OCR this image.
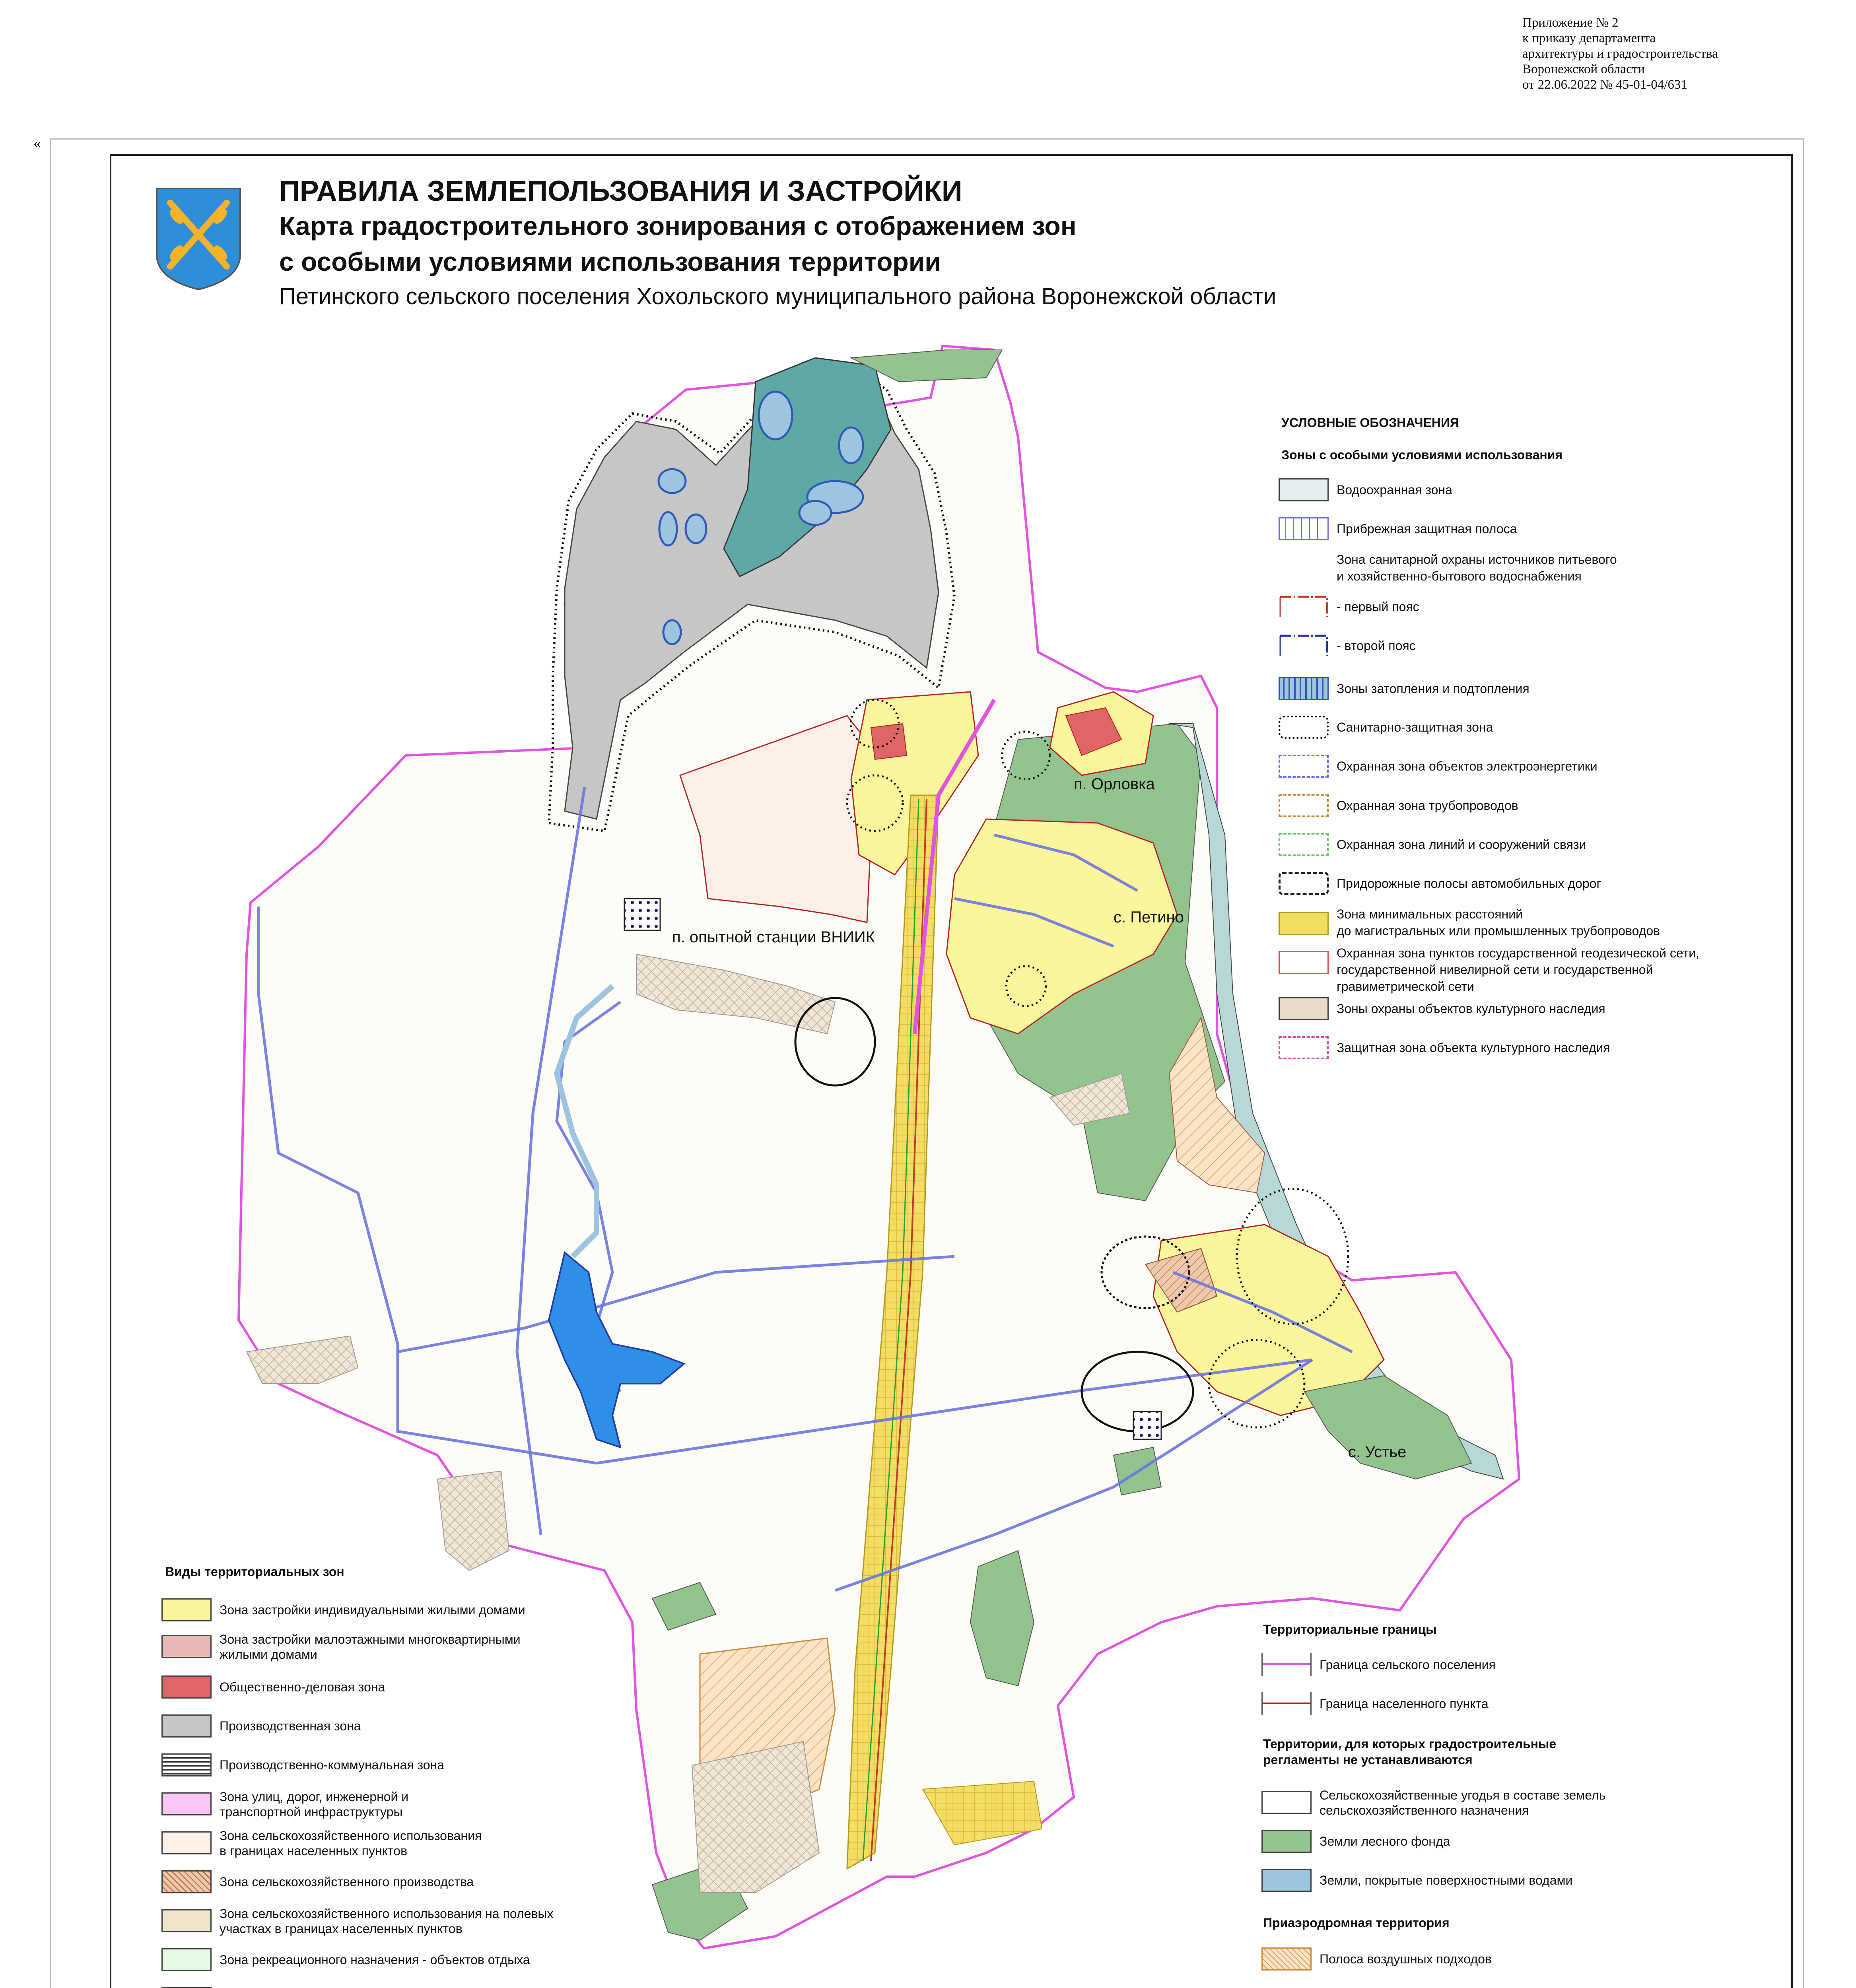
Приложение № 2
к приказу департамента
архитектуры и градостроительства
Воронежской области
от 22.06.2022 № 45-01-04/631
«
п. Орловка
с. Петино
п. опытной станции ВНИИК
с. Устье
ПРАВИЛА ЗЕМЛЕПОЛЬЗОВАНИЯ И ЗАСТРОЙКИ
Карта градостроительного зонирования с отображением зон
с особыми условиями использования территории
Петинского сельского поселения Хохольского муниципального района Воронежской области
УСЛОВНЫЕ ОБОЗНАЧЕНИЯ
Зоны с особыми условиями использования
Водоохранная зона
Прибрежная защитная полоса
Зона санитарной охраны источников питьевого
и хозяйственно-бытового водоснабжения
- первый пояс
- второй пояс
Зоны затопления и подтопления
Санитарно-защитная зона
Охранная зона объектов электроэнергетики
Охранная зона трубопроводов
Охранная зона линий и сооружений связи
Придорожные полосы автомобильных дорог
Зона минимальных расстояний
до магистральных или промышленных трубопроводов
Охранная зона пунктов государственной геодезической сети,
государственной нивелирной сети и государственной
гравиметрической сети
Зоны охраны объектов культурного наследия
Защитная зона объекта культурного наследия
Виды территориальных зон
Зона застройки индивидуальными жилыми домами
Зона застройки малоэтажными многоквартирными
жилыми домами
Общественно-деловая зона
Производственная зона
Производственно-коммунальная зона
Зона улиц, дорог, инженерной и
транспортной инфраструктуры
Зона сельскохозяйственного использования
в границах населенных пунктов
Зона сельскохозяйственного производства
Зона сельскохозяйственного использования на полевых
участках в границах населенных пунктов
Зона рекреационного назначения - объектов отдыха
Территориальные границы
Граница сельского поселения
Граница населенного пункта
Территории, для которых градостроительные
регламенты не устанавливаются
Сельскохозяйственные угодья в составе земель
сельскохозяйственного назначения
Земли лесного фонда
Земли, покрытые поверхностными водами
Приаэродромная территория
Полоса воздушных подходов
